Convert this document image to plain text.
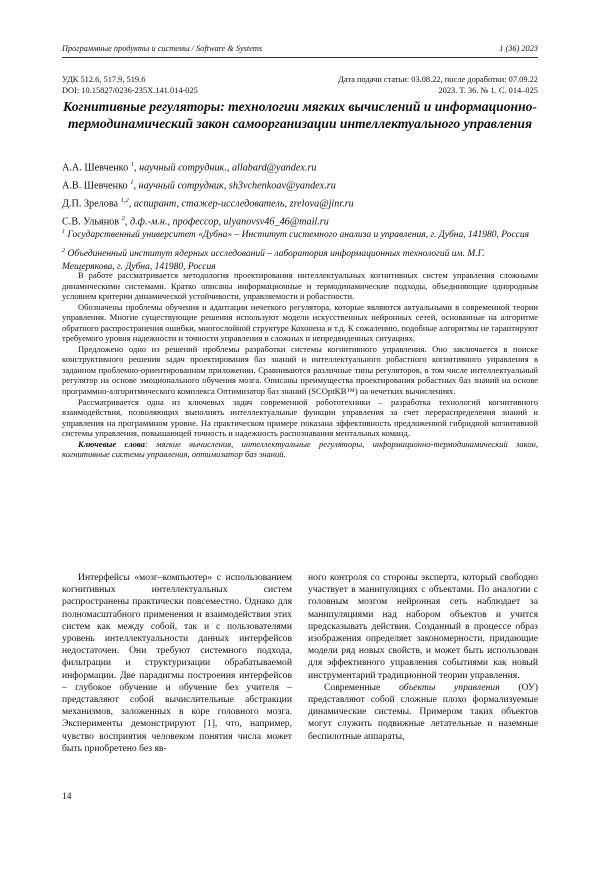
Программные продукты и системы / Software & Systems	1 (36) 2023
УДК 512.6, 517.9, 519.6
DOI: 10.15827/0236-235X.141.014-025
Дата подачи статьи: 03.08.22, после доработки: 07.09.22
2023. Т. 36. № 1. С. 014–025
Когнитивные регуляторы: технологии мягких вычислений и информационно-термодинамический закон самоорганизации интеллектуального управления
А.А. Шевченко $^1$, научный сотрудник., allabard@yandex.ru
А.В. Шевченко $^1$, научный сотрудник, sh3vchenkoav@yandex.ru
Д.П. Зрелова $^{1,2}$, аспирант, стажер-исследователь, zrelova@jinr.ru
С.В. Ульянов $^2$, д.ф.-м.н., профессор, ulyanovsv46_46@mail.ru
$^1$ Государственный университет «Дубна» – Институт системного анализа и управления, г. Дубна, 141980, Россия
$^2$ Объединенный институт ядерных исследований – лаборатория информационных технологий им. М.Г. Мещерякова, г. Дубна, 141980, Россия

В работе рассматривается методология проектирования интеллектуальных когнитивных систем управления сложными динамическими системами. Кратко описаны информационные и термодинамические подходы, объединяющие однородным условием критерии динамической устойчивости, управляемости и робастности.

Обозначены проблемы обучения и адаптации нечеткого регулятора, которые являются актуальными в современной теории управления. Многие существующие решения используют модели искусственных нейронных сетей, основанные на алгоритме обратного распространения ошибки, многослойной структуре Кохонена и т.д. К сожалению, подобные алгоритмы не гарантируют требуемого уровня надежности и точности управления в сложных и непредвиденных ситуациях.

Предложено одно из решений проблемы разработки системы когнитивного управления. Оно заключается в поиске конструктивного решения задач проектирования баз знаний и интеллектуального робастного когнитивного управления в заданном проблемно-ориентированном приложении. Сравниваются различные типы регуляторов, в том числе интеллектуальный регулятор на основе эмоционального обучения мозга. Описаны преимущества проектирования робастных баз знаний на основе программно-алгоритмического комплекса Оптимизатор баз знаний (SCOptKB™) на нечетких вычислениях.

Рассматривается одна из ключевых задач современной робототехники – разработка технологий когнитивного взаимодействия, позволяющих выполнять интеллектуальные функции управления за счет перераспределения знаний и управления на программном уровне. На практическом примере показана эффективность предложенной гибридной когнитивной системы управления, повышающей точность и надежность распознавания ментальных команд.

Ключевые слова: мягкие вычисления, интеллектуальные регуляторы, информационно-термодинамический закон, когнитивные системы управления, оптимизатор баз знаний.

Интерфейсы «мозг–компьютер» с использованием когнитивных интеллектуальных систем распространены практически повсеместно. Однако для полномасштабного применения и взаимодействия этих систем как между собой, так и с пользователями уровень интеллектуальности данных интерфейсов недостаточен. Они требуют системного подхода, фильтрации и структуризации обрабатываемой информации. Две парадигмы построения интерфейсов – глубокое обучение и обучение без учителя – представляют собой вычислительные абстракции механизмов, заложенных в коре головного мозга. Эксперименты демонстрируют [1], что, например, чувство восприятия человеком понятия числа может быть приобретено без яв-

ного контроля со стороны эксперта, который свободно участвует в манипуляциях с объектами. По аналогии с головным мозгом нейронная сеть наблюдает за манипуляциями над набором объектов и учится предсказывать действия. Созданный в процессе образ изображения определяет закономерности, придающие модели ряд новых свойств, и может быть использован для эффективного управления событиями как новый инструментарий традиционной теории управления.

Современные объекты управления (ОУ) представляют собой сложные плохо формализуемые динамические системы. Примером таких объектов могут служить подвижные летательные и наземные беспилотные аппараты,

14
